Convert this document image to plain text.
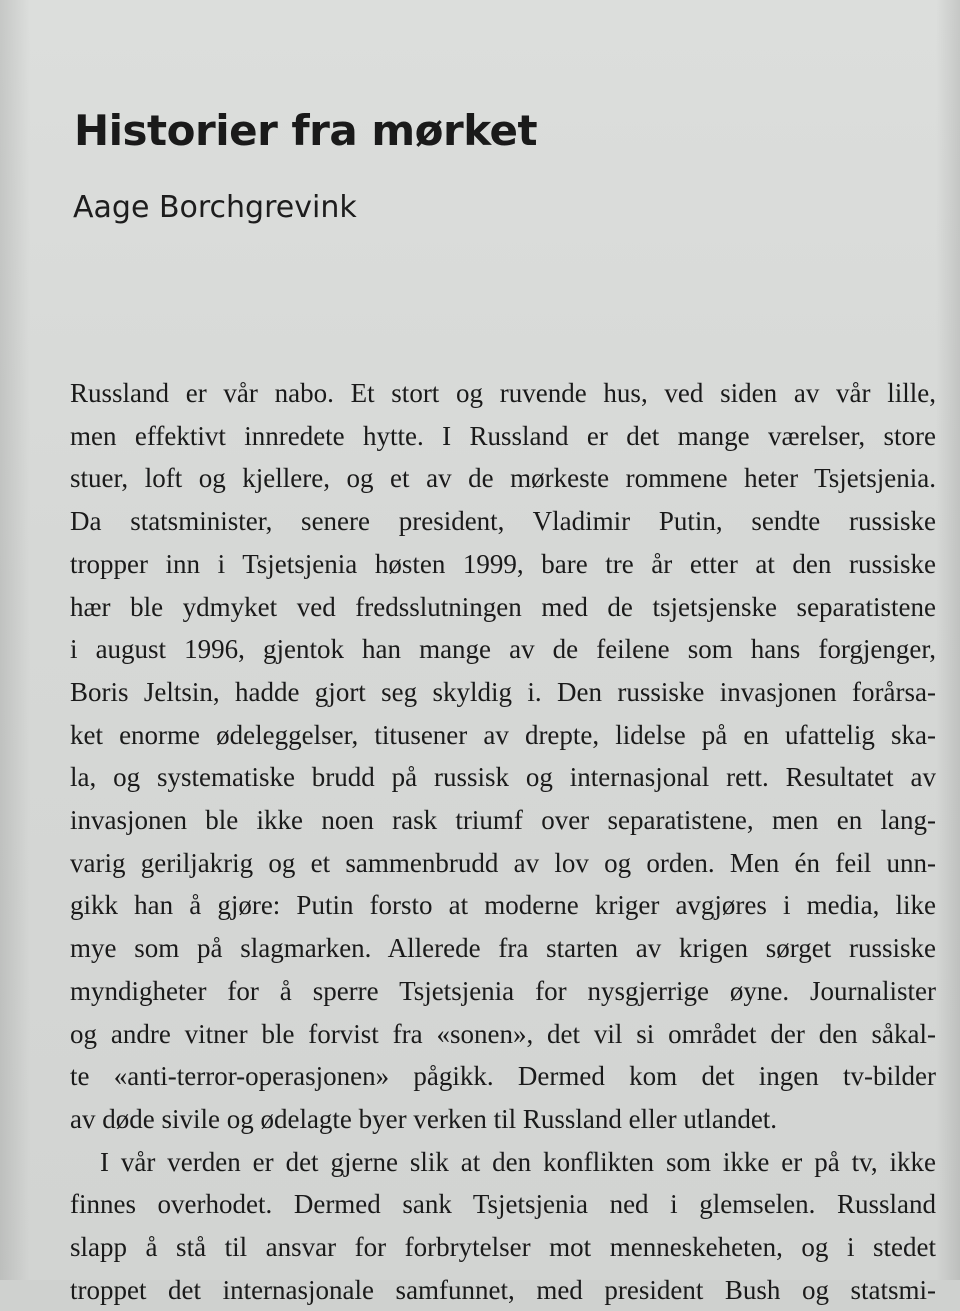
Historier fra mørket
Aage Borchgrevink
Russland er vår nabo. Et stort og ruvende hus, ved siden av vår lille,
men effektivt innredete hytte. I Russland er det mange værelser, store
stuer, loft og kjellere, og et av de mørkeste rommene heter Tsjetsjenia.
Da statsminister, senere president, Vladimir Putin, sendte russiske
tropper inn i Tsjetsjenia høsten 1999, bare tre år etter at den russiske
hær ble ydmyket ved fredsslutningen med de tsjetsjenske separatistene
i august 1996, gjentok han mange av de feilene som hans forgjenger,
Boris Jeltsin, hadde gjort seg skyldig i. Den russiske invasjonen forårsa-
ket enorme ødeleggelser, titusener av drepte, lidelse på en ufattelig ska-
la, og systematiske brudd på russisk og internasjonal rett. Resultatet av
invasjonen ble ikke noen rask triumf over separatistene, men en lang-
varig geriljakrig og et sammenbrudd av lov og orden. Men én feil unn-
gikk han å gjøre: Putin forsto at moderne kriger avgjøres i media, like
mye som på slagmarken. Allerede fra starten av krigen sørget russiske
myndigheter for å sperre Tsjetsjenia for nysgjerrige øyne. Journalister
og andre vitner ble forvist fra «sonen», det vil si området der den såkal-
te «anti-terror-operasjonen» pågikk. Dermed kom det ingen tv-bilder
av døde sivile og ødelagte byer verken til Russland eller utlandet.
I vår verden er det gjerne slik at den konflikten som ikke er på tv, ikke
finnes overhodet. Dermed sank Tsjetsjenia ned i glemselen. Russland
slapp å stå til ansvar for forbrytelser mot menneskeheten, og i stedet
troppet det internasjonale samfunnet, med president Bush og statsmi-
